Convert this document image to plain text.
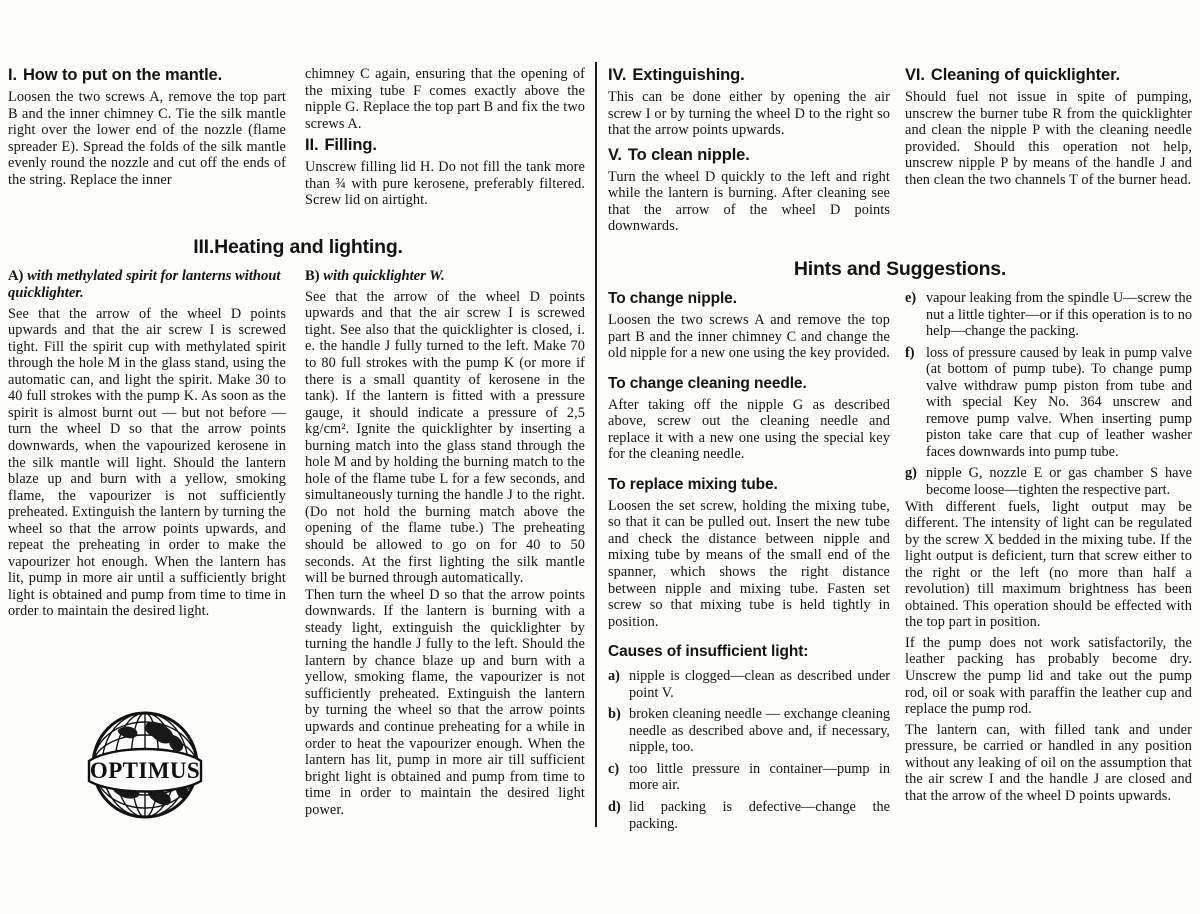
I. How to put on the mantle.

Loosen the two screws A, remove the top part B and the inner chimney C. Tie the silk mantle right over the lower end of the nozzle (flame spreader E). Spread the folds of the silk mantle evenly round the nozzle and cut off the ends of the string. Replace the inner

III.Heating and lighting.
A) with methylated spirit for lanterns without quicklighter.

See that the arrow of the wheel D points upwards and that the air screw I is screwed tight. Fill the spirit cup with methylated spirit through the hole M in the glass stand, using the automatic can, and light the spirit. Make 30 to 40 full strokes with the pump K. As soon as the spirit is almost burnt out — but not before — turn the wheel D so that the arrow points downwards, when the vapourized kerosene in the silk mantle will light. Should the lantern blaze up and burn with a yellow, smoking flame, the vapourizer is not sufficiently preheated. Extinguish the lantern by turning the wheel so that the arrow points upwards, and repeat the preheating in order to make the vapourizer hot enough. When the lantern has lit, pump in more air until a sufficiently bright light is obtained and pump from time to time in order to maintain the desired light.

OPTIMUS

chimney C again, ensuring that the opening of the mixing tube F comes exactly above the nipple G. Replace the top part B and fix the two screws A.

II. Filling.

Unscrew filling lid H. Do not fill the tank more than ¾ with pure kerosene, preferably filtered. Screw lid on airtight.

B) with quicklighter W.

See that the arrow of the wheel D points upwards and that the air screw I is screwed tight. See also that the quicklighter is closed, i. e. the handle J fully turned to the left. Make 70 to 80 full strokes with the pump K (or more if there is a small quantity of kerosene in the tank). If the lantern is fitted with a pressure gauge, it should indicate a pressure of 2,5 kg/cm². Ignite the quicklighter by inserting a burning match into the glass stand through the hole M and by holding the burning match to the hole of the flame tube L for a few seconds, and simultaneously turning the handle J to the right. (Do not hold the burning match above the opening of the flame tube.) The preheating should be allowed to go on for 40 to 50 seconds. At the first lighting the silk mantle will be burned through automatically.

Then turn the wheel D so that the arrow points downwards. If the lantern is burning with a steady light, extinguish the quicklighter by turning the handle J fully to the left. Should the lantern by chance blaze up and burn with a yellow, smoking flame, the vapourizer is not sufficiently preheated. Extinguish the lantern by turning the wheel so that the arrow points upwards and continue preheating for a while in order to heat the vapourizer enough. When the lantern has lit, pump in more air till sufficient bright light is obtained and pump from time to time in order to maintain the desired light power.

IV. Extinguishing.

This can be done either by opening the air screw I or by turning the wheel D to the right so that the arrow points upwards.

V. To clean nipple.

Turn the wheel D quickly to the left and right while the lantern is burning. After cleaning see that the arrow of the wheel D points downwards.

Hints and Suggestions.
To change nipple.

Loosen the two screws A and remove the top part B and the inner chimney C and change the old nipple for a new one using the key provided.

To change cleaning needle.

After taking off the nipple G as described above, screw out the cleaning needle and replace it with a new one using the special key for the cleaning needle.

To replace mixing tube.

Loosen the set screw, holding the mixing tube, so that it can be pulled out. Insert the new tube and check the distance between nipple and mixing tube by means of the small end of the spanner, which shows the right distance between nipple and mixing tube. Fasten set screw so that mixing tube is held tightly in position.

Causes of insufficient light:
a) nipple is clogged—clean as described under point V.
b) broken cleaning needle — exchange cleaning needle as described above and, if necessary, nipple, too.
c) too little pressure in container—pump in more air.
d) lid packing is defective—change the packing.
VI. Cleaning of quicklighter.

Should fuel not issue in spite of pumping, unscrew the burner tube R from the quicklighter and clean the nipple P with the cleaning needle provided. Should this operation not help, unscrew nipple P by means of the handle J and then clean the two channels T of the burner head.

e) vapour leaking from the spindle U—screw the nut a little tighter—or if this operation is to no help—change the packing.
f) loss of pressure caused by leak in pump valve (at bottom of pump tube). To change pump valve withdraw pump piston from tube and with special Key No. 364 unscrew and remove pump valve. When inserting pump piston take care that cup of leather washer faces downwards into pump tube.
g) nipple G, nozzle E or gas chamber S have become loose—tighten the respective part.

With different fuels, light output may be different. The intensity of light can be regulated by the screw X bedded in the mixing tube. If the light output is deficient, turn that screw either to the right or the left (no more than half a revolution) till maximum brightness has been obtained. This operation should be effected with the top part in position.

If the pump does not work satisfactorily, the leather packing has probably become dry. Unscrew the pump lid and take out the pump rod, oil or soak with paraffin the leather cup and replace the pump rod.

The lantern can, with filled tank and under pressure, be carried or handled in any position without any leaking of oil on the assumption that the air screw I and the handle J are closed and that the arrow of the wheel D points upwards.
